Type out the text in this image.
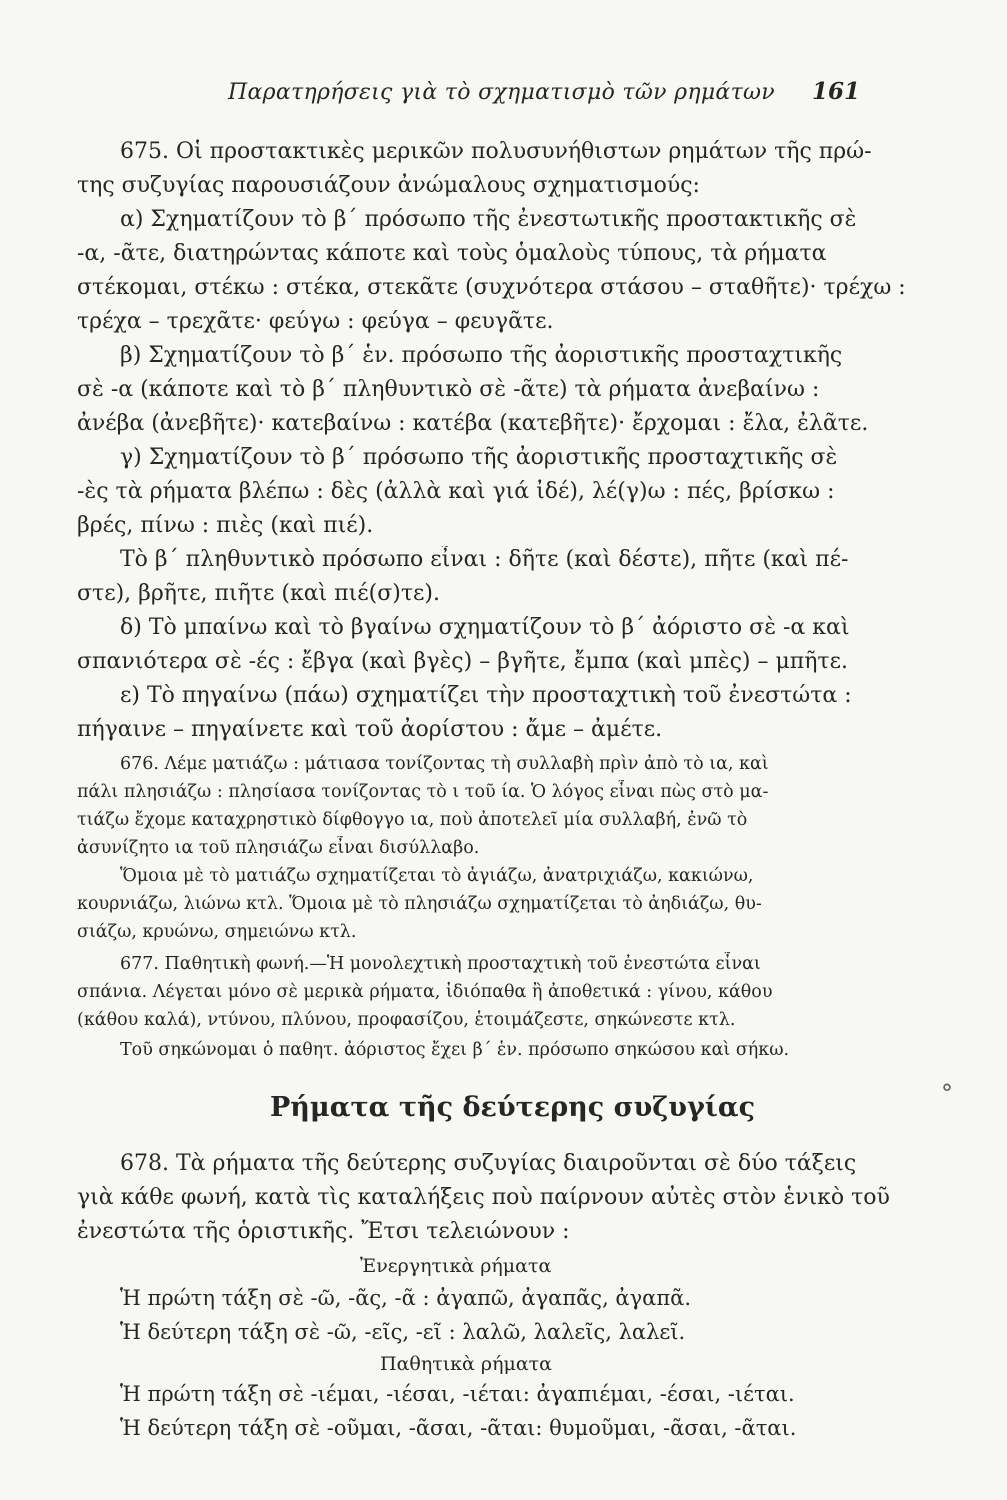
Παρατηρήσεις γιὰ τὸ σχηματισμὸ τῶν ρημάτων 161
675. Οἱ προστακτικὲς μερικῶν πολυσυνήθιστων ρημάτων τῆς πρώ-
της συζυγίας παρουσιάζουν ἀνώμαλους σχηματισμούς:
α) Σχηματίζουν τὸ β΄ πρόσωπο τῆς ἐνεστωτικῆς προστακτικῆς σὲ
-α, -ᾶτε, διατηρώντας κάποτε καὶ τοὺς ὁμαλοὺς τύπους, τὰ ρήματα
στέκομαι, στέκω : στέκα, στεκᾶτε (συχνότερα στάσου – σταθῆτε)· τρέχω :
τρέχα – τρεχᾶτε· φεύγω : φεύγα – φευγᾶτε.
β) Σχηματίζουν τὸ β΄ ἑν. πρόσωπο τῆς ἀοριστικῆς προσταχτικῆς
σὲ -α (κάποτε καὶ τὸ β΄ πληθυντικὸ σὲ -ᾶτε) τὰ ρήματα ἀνεβαίνω :
ἀνέβα (ἀνεβῆτε)· κατεβαίνω : κατέβα (κατεβῆτε)· ἔρχομαι : ἔλα, ἐλᾶτε.
γ) Σχηματίζουν τὸ β΄ πρόσωπο τῆς ἀοριστικῆς προσταχτικῆς σὲ
-ὲς τὰ ρήματα βλέπω : δὲς (ἀλλὰ καὶ γιά ἰδέ), λέ(γ)ω : πές, βρίσκω :
βρές, πίνω : πιὲς (καὶ πιέ).
Τὸ β΄ πληθυντικὸ πρόσωπο εἶναι : δῆτε (καὶ δέστε), πῆτε (καὶ πέ-
στε), βρῆτε, πιῆτε (καὶ πιέ(σ)τε).
δ) Τὸ μπαίνω καὶ τὸ βγαίνω σχηματίζουν τὸ β΄ ἀόριστο σὲ -α καὶ
σπανιότερα σὲ -ές : ἔβγα (καὶ βγὲς) – βγῆτε, ἔμπα (καὶ μπὲς) – μπῆτε.
ε) Τὸ πηγαίνω (πάω) σχηματίζει τὴν προσταχτικὴ τοῦ ἐνεστώτα :
πήγαινε – πηγαίνετε καὶ τοῦ ἀορίστου : ἄμε – ἀμέτε.
676. Λέμε ματιάζω : μάτιασα τονίζοντας τὴ συλλαβὴ πρὶν ἀπὸ τὸ ια, καὶ
πάλι πλησιάζω : πλησίασα τονίζοντας τὸ ι τοῦ ία. Ὁ λόγος εἶναι πὼς στὸ μα-
τιάζω ἔχομε καταχρηστικὸ δίφθογγο ια, ποὺ ἀποτελεῖ μία συλλαβή, ἐνῶ τὸ
ἀσυνίζητο ια τοῦ πλησιάζω εἶναι δισύλλαβο.
Ὅμοια μὲ τὸ ματιάζω σχηματίζεται τὸ ἀγιάζω, ἀνατριχιάζω, κακιώνω,
κουρνιάζω, λιώνω κτλ. Ὅμοια μὲ τὸ πλησιάζω σχηματίζεται τὸ ἀηδιάζω, θυ-
σιάζω, κρυώνω, σημειώνω κτλ.
677. Παθητικὴ φωνή.—Ἡ μονολεχτικὴ προσταχτικὴ τοῦ ἐνεστώτα εἶναι
σπάνια. Λέγεται μόνο σὲ μερικὰ ρήματα, ἰδιόπαθα ἢ ἀποθετικά : γίνου, κάθου
(κάθου καλά), ντύνου, πλύνου, προφασίζου, ἑτοιμάζεστε, σηκώνεστε κτλ.
Τοῦ σηκώνομαι ὁ παθητ. ἀόριστος ἔχει β΄ ἑν. πρόσωπο σηκώσου καὶ σήκω.
Ρήματα τῆς δεύτερης συζυγίας
678. Τὰ ρήματα τῆς δεύτερης συζυγίας διαιροῦνται σὲ δύο τάξεις
γιὰ κάθε φωνή, κατὰ τὶς καταλήξεις ποὺ παίρνουν αὐτὲς στὸν ἑνικὸ τοῦ
ἐνεστώτα τῆς ὁριστικῆς. Ἔτσι τελειώνουν :
Ἐνεργητικὰ ρήματα
Ἡ πρώτη τάξη σὲ -ῶ, -ᾶς, -ᾶ : ἀγαπῶ, ἀγαπᾶς, ἀγαπᾶ.
Ἡ δεύτερη τάξη σὲ -ῶ, -εῖς, -εῖ : λαλῶ, λαλεῖς, λαλεῖ.
Παθητικὰ ρήματα
Ἡ πρώτη τάξη σὲ -ιέμαι, -ιέσαι, -ιέται: ἀγαπιέμαι, -έσαι, -ιέται.
Ἡ δεύτερη τάξη σὲ -οῦμαι, -ᾶσαι, -ᾶται: θυμοῦμαι, -ᾶσαι, -ᾶται.
˚
